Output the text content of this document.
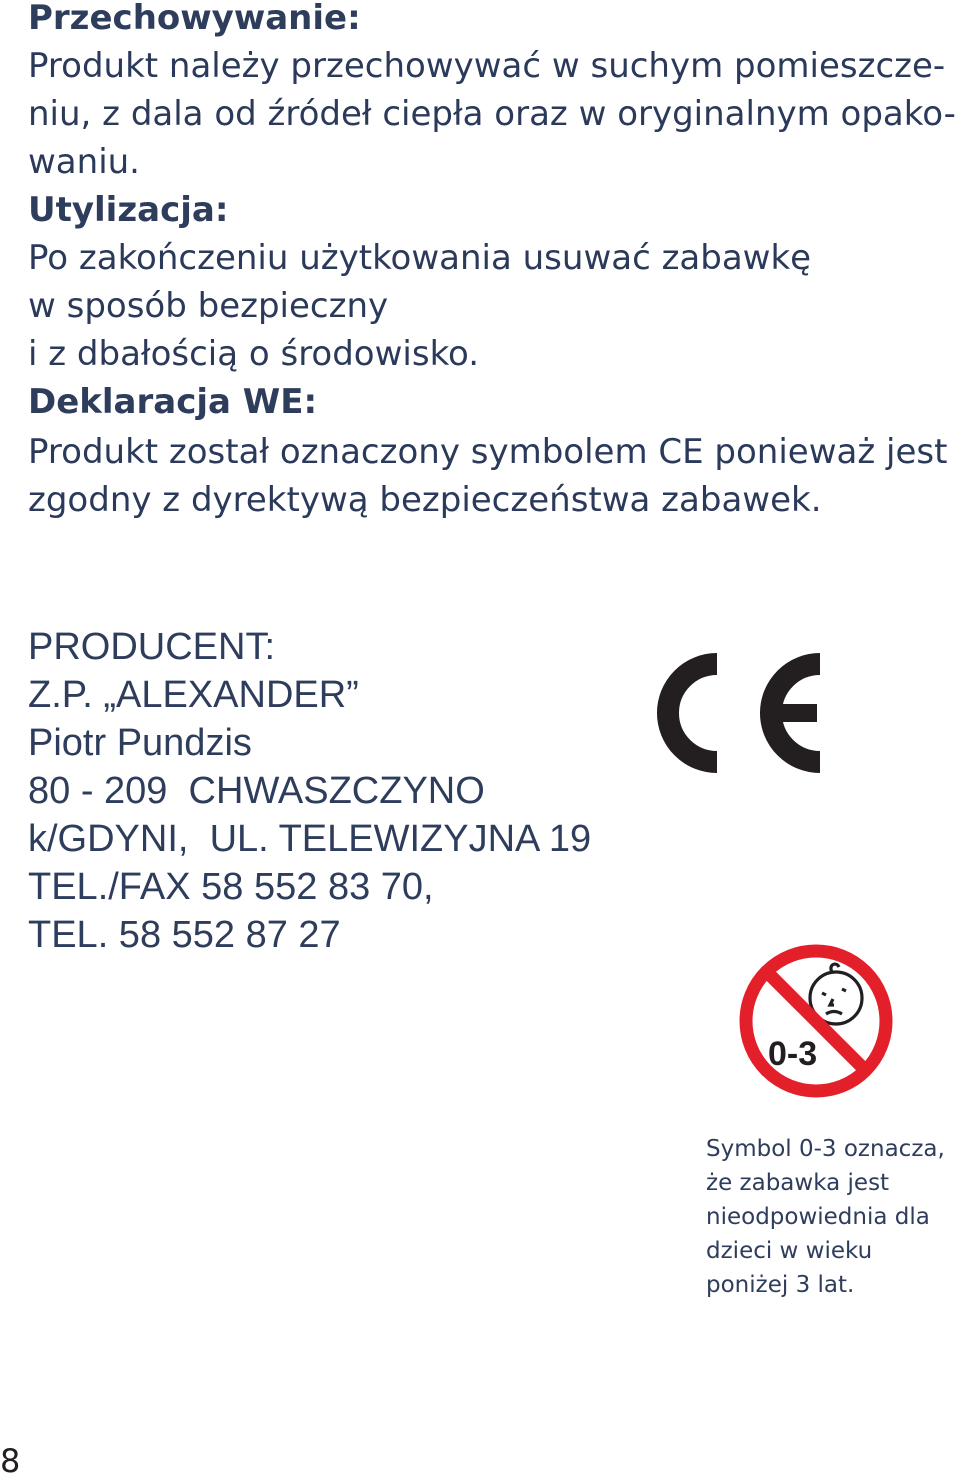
Przechowywanie:
Produkt należy przechowywać w suchym pomieszcze-
niu, z dala od źródeł ciepła oraz w oryginalnym opako-
waniu.
Utylizacja:
Po zakończeniu użytkowania usuwać zabawkę
w sposób bezpieczny
i z dbałością o środowisko.
Deklaracja WE:
Produkt został oznaczony symbolem CE ponieważ jest
zgodny z dyrektywą bezpieczeństwa zabawek.
PRODUCENT:
Z.P. „ALEXANDER”
Piotr Pundzis
80 - 209  CHWASZCZYNO
k/GDYNI,  UL. TELEWIZYJNA 19
TEL./FAX 58 552 83 70,
TEL. 58 552 87 27
0-3
Symbol 0-3 oznacza,
że zabawka jest
nieodpowiednia dla
dzieci w wieku
poniżej 3 lat.
8
